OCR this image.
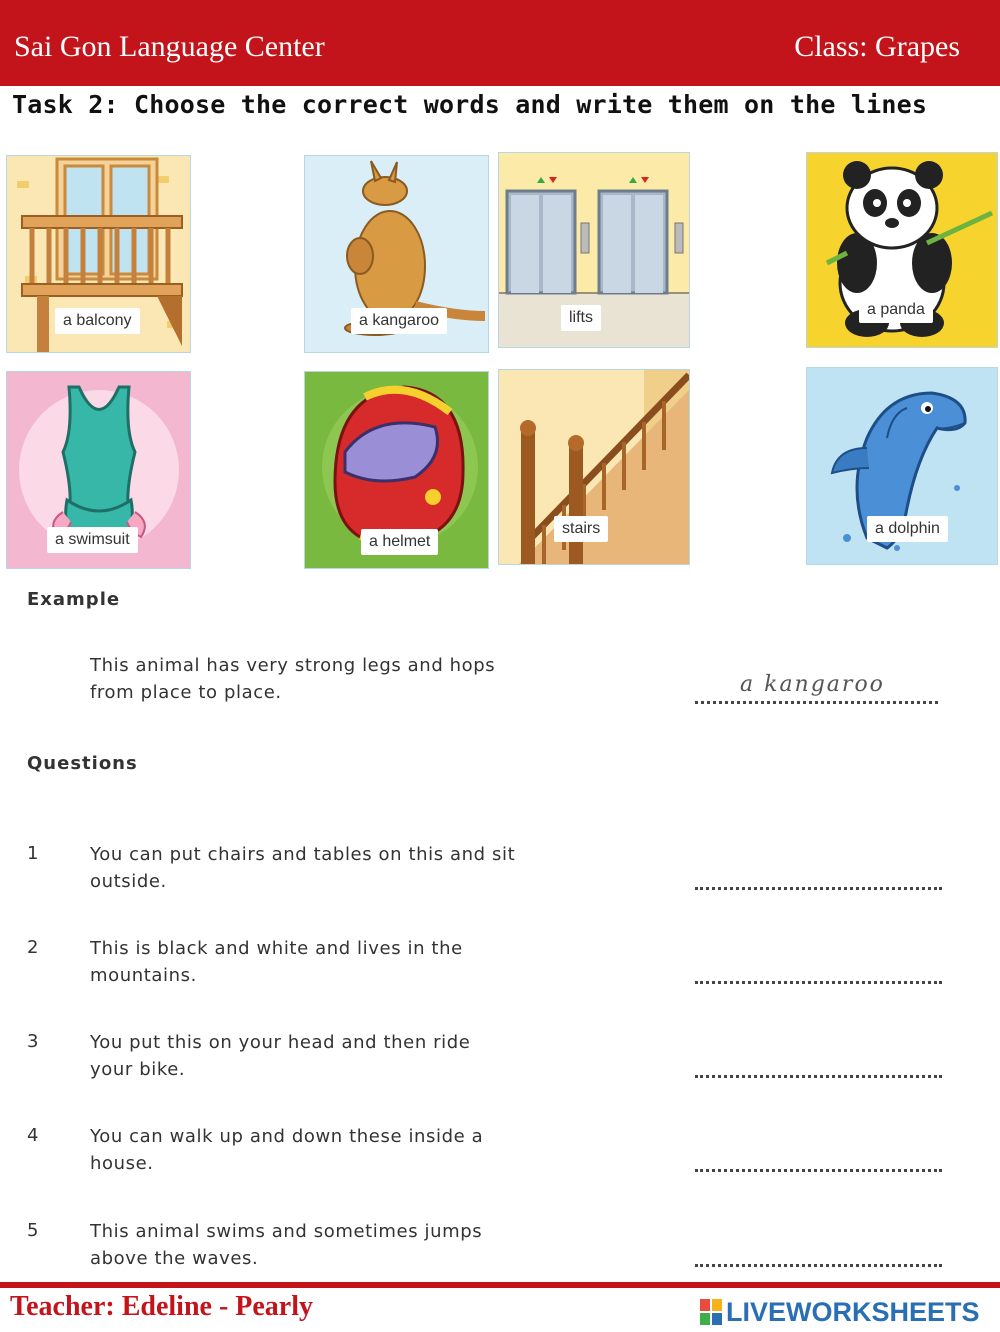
Sai Gon Language Center	Class: Grapes
Task 2: Choose the correct words and write them on the lines
a balcony	a kangaroo	lifts	a panda
a swimsuit	a helmet
stairs	a dolphin
Example
This animal has very strong legs and hops
from place to place.	a kangaroo
Questions
1	You can put chairs and tables on this and sit
outside.
2	This is black and white and lives in the
mountains.
3	You put this on your head and then ride
your bike.
4	You can walk up and down these inside a
house.
5	This animal swims and sometimes jumps
above the waves.
Teacher: Edeline - Pearly	LIVEWORKSHEETS
